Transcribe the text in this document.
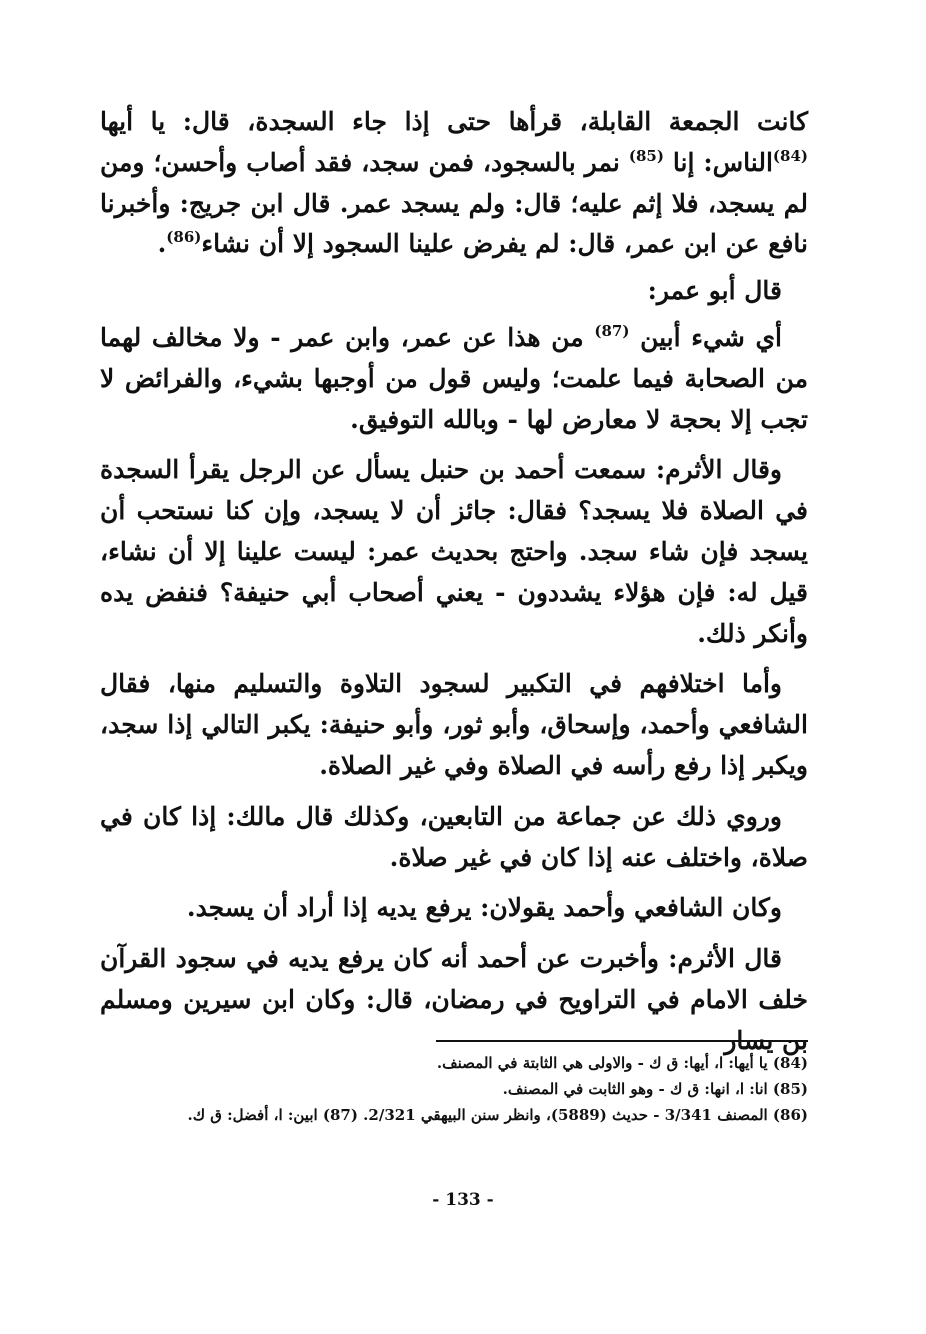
كانت الجمعة القابلة، قرأها حتى إذا جاء السجدة، قال: يا أيها $^{(84)}$الناس: إنا $^{(85)}$ نمر بالسجود، فمن سجد، فقد أصاب وأحسن؛ ومن لم يسجد، فلا إثم عليه؛ قال: ولم يسجد عمر. قال ابن جريج: وأخبرنا نافع عن ابن عمر، قال: لم يفرض علينا السجود إلا أن نشاء$^{(86)}$.

قال أبو عمر:

أي شيء أبين $^{(87)}$ من هذا عن عمر، وابن عمر - ولا مخالف لهما من الصحابة فيما علمت؛ وليس قول من أوجبها بشيء، والفرائض لا تجب إلا بحجة لا معارض لها - وبالله التوفيق.

وقال الأثرم: سمعت أحمد بن حنبل يسأل عن الرجل يقرأ السجدة في الصلاة فلا يسجد؟ فقال: جائز أن لا يسجد، وإن كنا نستحب أن يسجد فإن شاء سجد. واحتج بحديث عمر: ليست علينا إلا أن نشاء، قيل له: فإن هؤلاء يشددون - يعني أصحاب أبي حنيفة؟ فنفض يده وأنكر ذلك.

وأما اختلافهم في التكبير لسجود التلاوة والتسليم منها، فقال الشافعي وأحمد، وإسحاق، وأبو ثور، وأبو حنيفة: يكبر التالي إذا سجد، ويكبر إذا رفع رأسه في الصلاة وفي غير الصلاة.

وروي ذلك عن جماعة من التابعين، وكذلك قال مالك: إذا كان في صلاة، واختلف عنه إذا كان في غير صلاة.

وكان الشافعي وأحمد يقولان: يرفع يديه إذا أراد أن يسجد.

قال الأثرم: وأخبرت عن أحمد أنه كان يرفع يديه في سجود القرآن خلف الامام في التراويح في رمضان، قال: وكان ابن سيرين ومسلم بن يسار

(84) يا أيها: ا، أيها: ق ك - والاولى هي الثابتة في المصنف.
(85) انا: ا، انها: ق ك - وهو الثابت في المصنف.
(86) المصنف 3/341 - حديث (5889)، وانظر سنن البيهقي 2/321. (87) ابين: ا، أفضل: ق ك.
- 133 -
